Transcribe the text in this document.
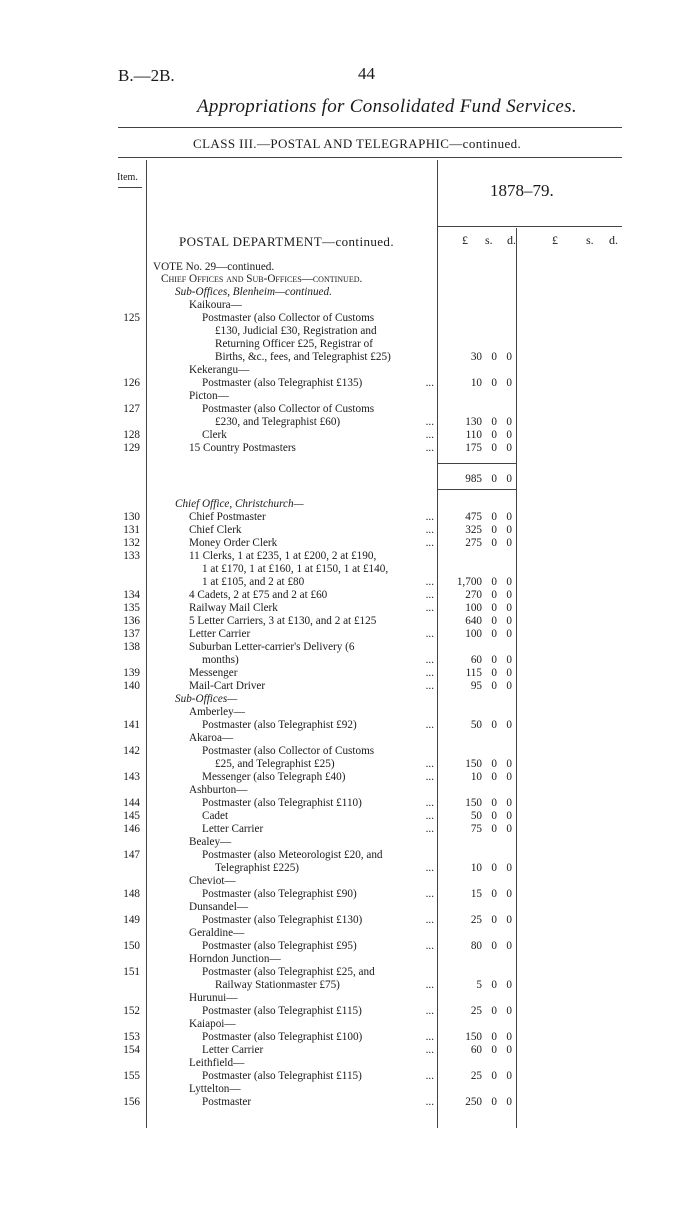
B.—2B.	44
Appropriations for Consolidated Fund Services.
CLASS III.—POSTAL AND TELEGRAPHIC—continued.
Item.
1878–79.
POSTAL DEPARTMENT—continued.	£ s. d.	£ s. d.
VOTE No. 29—continued.
Chief Offices and Sub-Offices—continued.
Sub-Offices, Blenheim—continued.
Kaikoura—
125	Postmaster (also Collector of Customs
£130, Judicial £30, Registration and
Returning Officer £25, Registrar of
Births, &c., fees, and Telegraphist £25)	30 0 0
Kekerangu—
126	Postmaster (also Telegraphist £135)	...	10 0 0
Picton—
127	Postmaster (also Collector of Customs
£230, and Telegraphist £60)	...	130 0 0
128	Clerk	...	110 0 0
129	15 Country Postmasters	...	175 0 0
985 0 0
Chief Office, Christchurch—
130	Chief Postmaster	...	475 0 0
131	Chief Clerk	...	325 0 0
132	Money Order Clerk	...	275 0 0
133	11 Clerks, 1 at £235, 1 at £200, 2 at £190,
1 at £170, 1 at £160, 1 at £150, 1 at £140,
1 at £105, and 2 at £80	...	1,700 0 0
134	4 Cadets, 2 at £75 and 2 at £60	...	270 0 0
135	Railway Mail Clerk	...	100 0 0
136	5 Letter Carriers, 3 at £130, and 2 at £125	640 0 0
137	Letter Carrier	...	100 0 0
138	Suburban Letter-carrier's Delivery (6
months)	...	60 0 0
139	Messenger	...	115 0 0
140	Mail-Cart Driver	...	95 0 0
Sub-Offices—
Amberley—
141	Postmaster (also Telegraphist £92)	...	50 0 0
Akaroa—
142	Postmaster (also Collector of Customs
£25, and Telegraphist £25)	...	150 0 0
143	Messenger (also Telegraph £40)	...	10 0 0
Ashburton—
144	Postmaster (also Telegraphist £110)	...	150 0 0
145	Cadet	...	50 0 0
146	Letter Carrier	...	75 0 0
Bealey—
147	Postmaster (also Meteorologist £20, and
Telegraphist £225)	...	10 0 0
Cheviot—
148	Postmaster (also Telegraphist £90)	...	15 0 0
Dunsandel—
149	Postmaster (also Telegraphist £130)	...	25 0 0
Geraldine—
150	Postmaster (also Telegraphist £95)	...	80 0 0
Horndon Junction—
151	Postmaster (also Telegraphist £25, and
Railway Stationmaster £75)	...	5 0 0
Hurunui—
152	Postmaster (also Telegraphist £115)	...	25 0 0
Kaiapoi—
153	Postmaster (also Telegraphist £100)	...	150 0 0
154	Letter Carrier	...	60 0 0
Leithfield—
155	Postmaster (also Telegraphist £115)	...	25 0 0
Lyttelton—
156	Postmaster	...	250 0 0
